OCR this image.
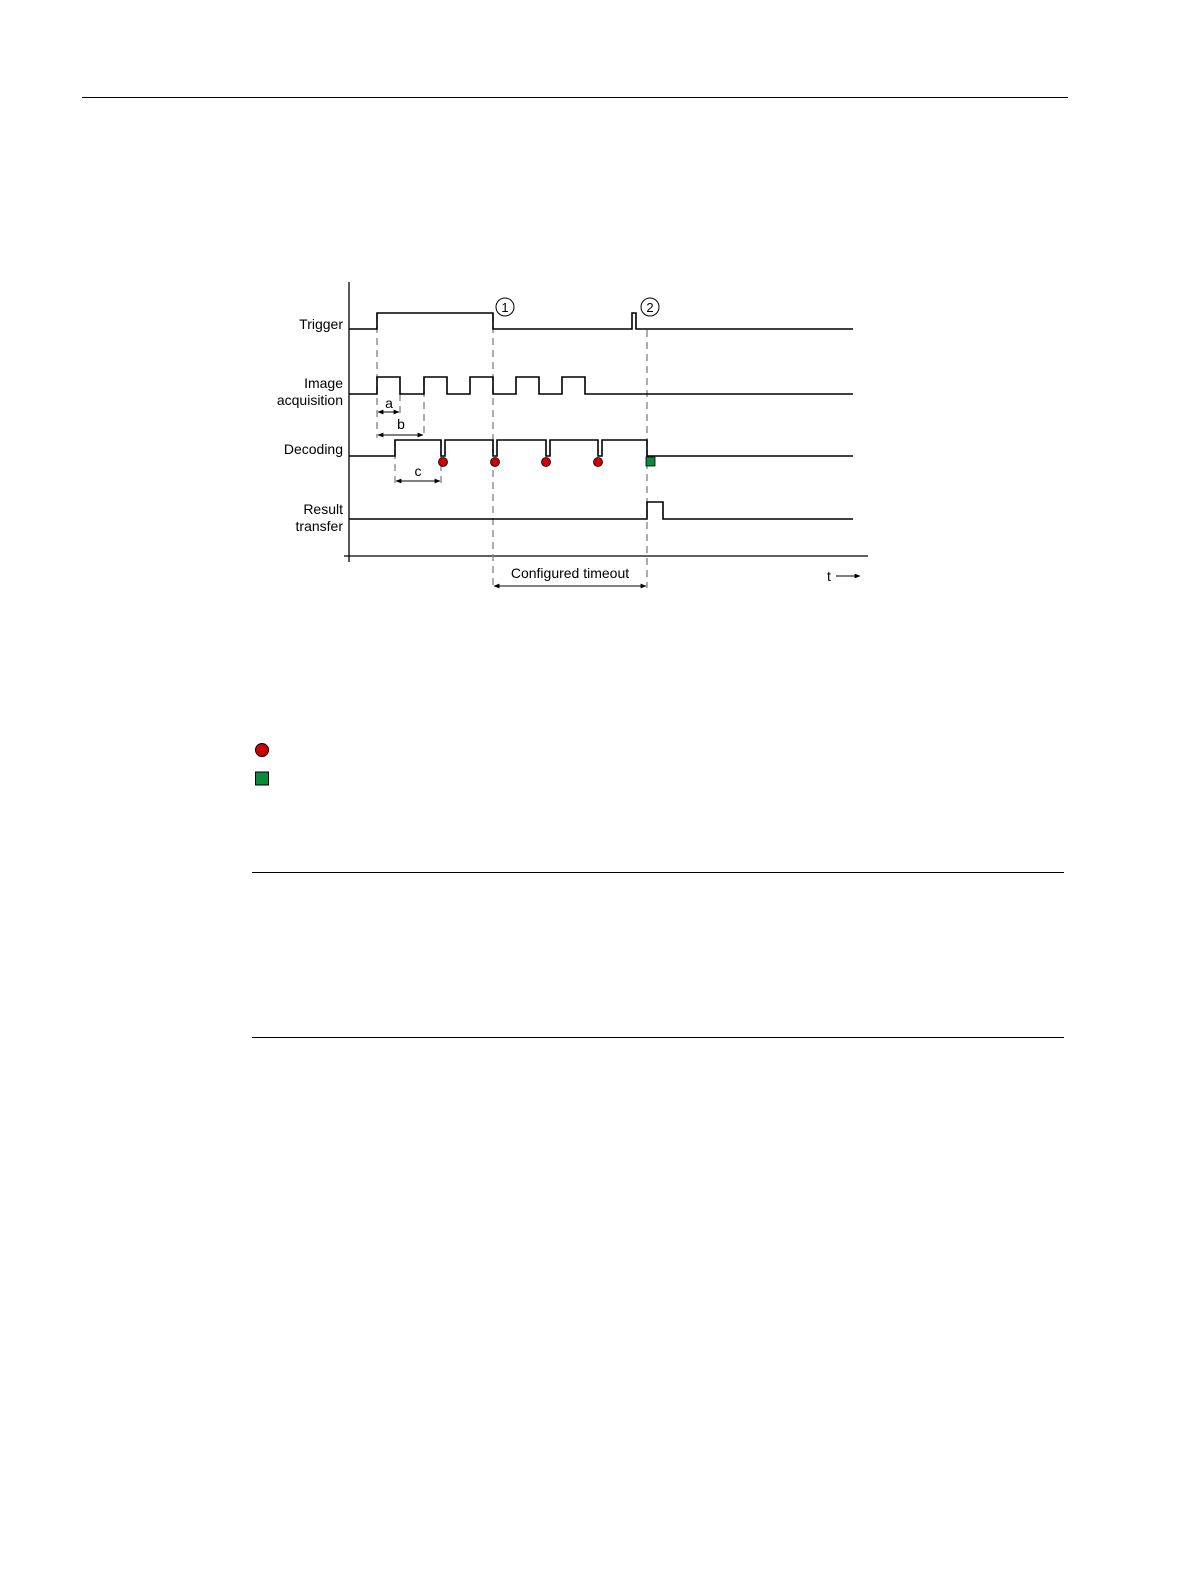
Trigger
Image
acquisition
Decoding
Result
transfer
a
b
c
1	2
Configured timeout	t
